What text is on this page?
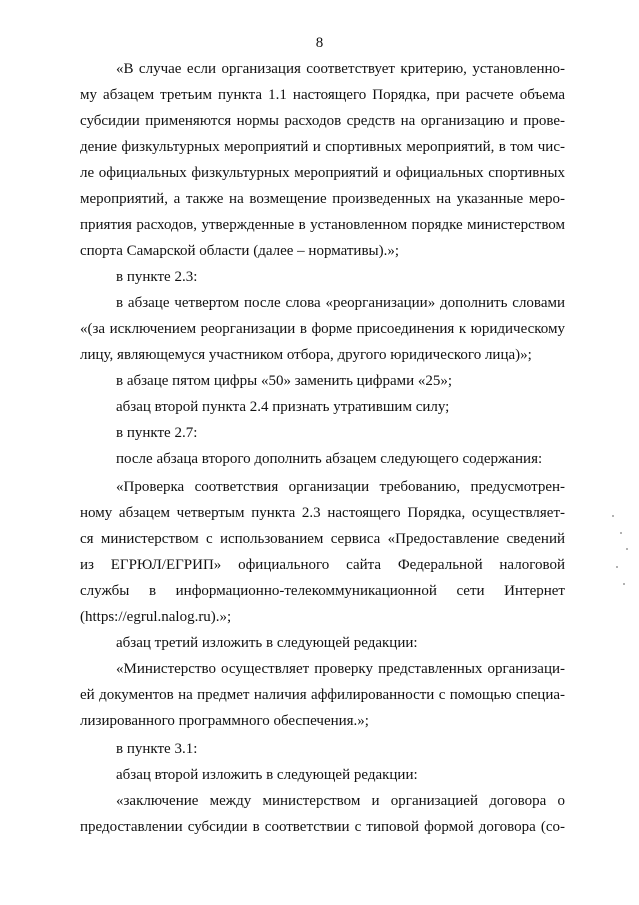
8
«В случае если организация соответствует критерию, установленно-
му абзацем третьим пункта 1.1 настоящего Порядка, при расчете объема
субсидии применяются нормы расходов средств на организацию и прове-
дение физкультурных мероприятий и спортивных мероприятий, в том чис-
ле официальных физкультурных мероприятий и официальных спортивных
мероприятий, а также на возмещение произведенных на указанные меро-
приятия расходов, утвержденные в установленном порядке министерством
спорта Самарской области (далее – нормативы).»;
в пункте 2.3:
в абзаце четвертом после слова «реорганизации» дополнить словами
«(за исключением реорганизации в форме присоединения к юридическому
лицу, являющемуся участником отбора, другого юридического лица)»;
в абзаце пятом цифры «50» заменить цифрами «25»;
абзац второй пункта 2.4 признать утратившим силу;
в пункте 2.7:
после абзаца второго дополнить абзацем следующего содержания:
«Проверка соответствия организации требованию, предусмотрен-
ному абзацем четвертым пункта 2.3 настоящего Порядка, осуществляет-
ся министерством с использованием сервиса «Предоставление сведений
из ЕГРЮЛ/ЕГРИП» официального сайта Федеральной налоговой
службы в информационно-телекоммуникационной сети Интернет
(https://egrul.nalog.ru).»;
абзац третий изложить в следующей редакции:
«Министерство осуществляет проверку представленных организаци-
ей документов на предмет наличия аффилированности с помощью специа-
лизированного программного обеспечения.»;
в пункте 3.1:
абзац второй изложить в следующей редакции:
«заключение между министерством и организацией договора о
предоставлении субсидии в соответствии с типовой формой договора (со-
